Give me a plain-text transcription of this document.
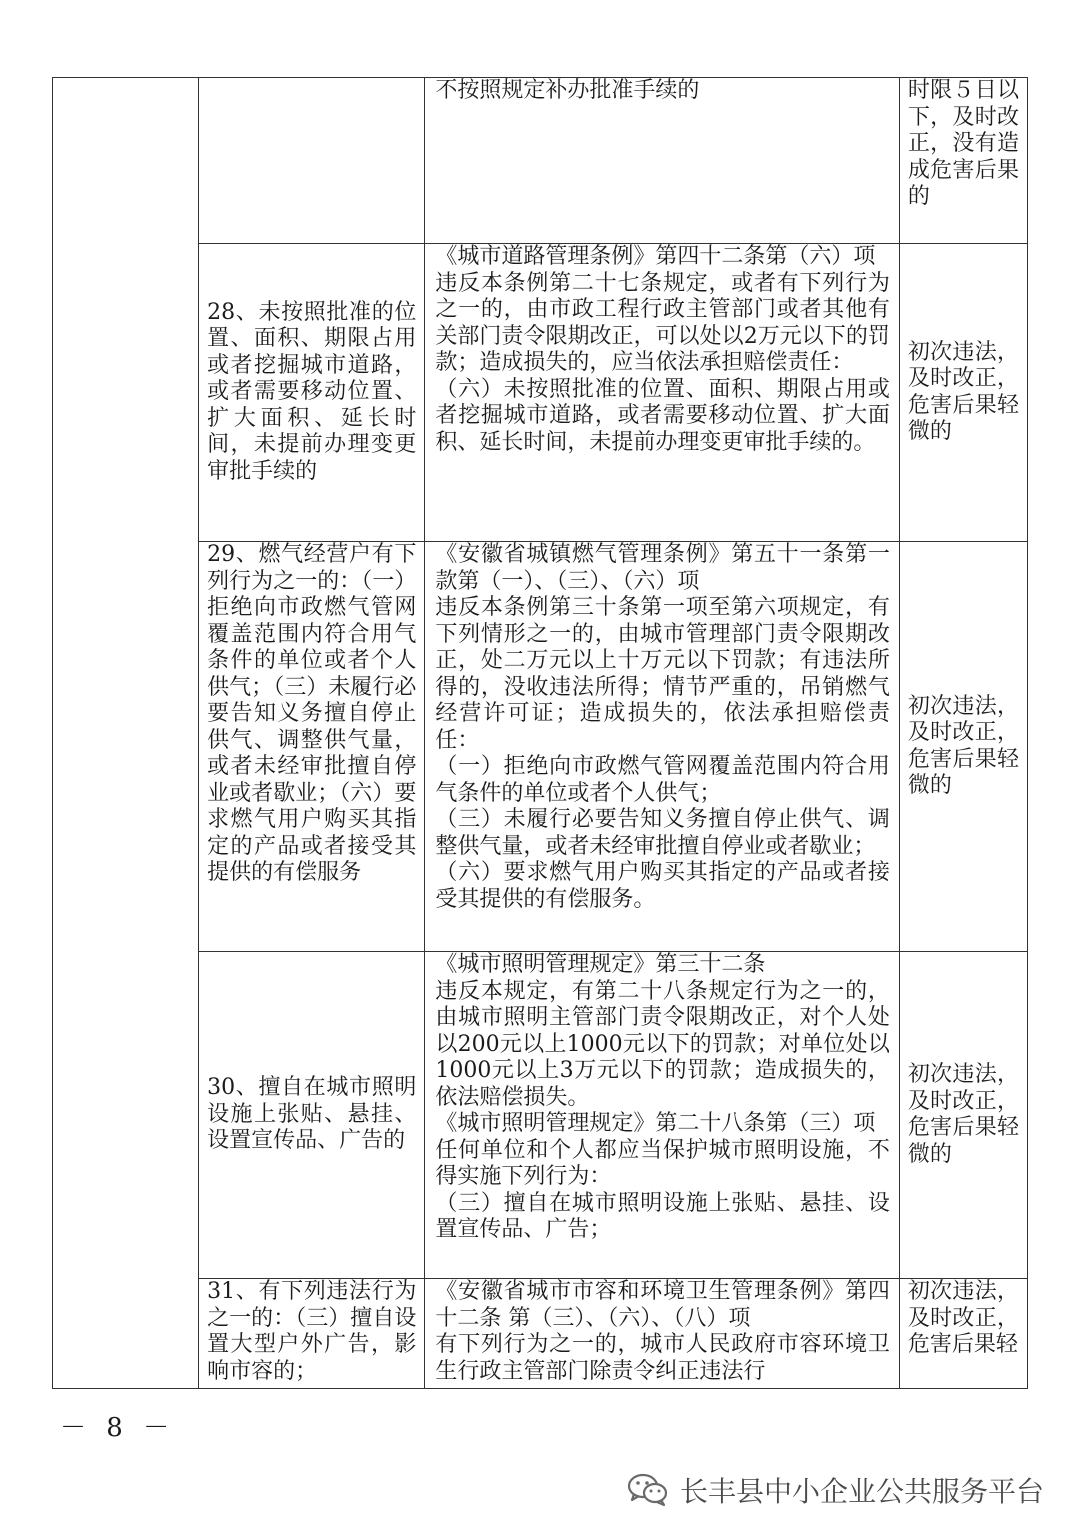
		不按照规定补办批准手续的	时限５日以下，及时改正，没有造成危害后果的

	28、未按照批准的位置、面积、期限占用或者挖掘城市道路，或者需要移动位置、扩大面积、延长时间，未提前办理变更审批手续的	《城市道路管理条例》第四十二条第（六）项
违反本条例第二十七条规定，或者有下列行为之一的，由市政工程行政主管部门或者其他有关部门责令限期改正，可以处以2万元以下的罚款；造成损失的，应当依法承担赔偿责任：
（六）未按照批准的位置、面积、期限占用或者挖掘城市道路，或者需要移动位置、扩大面积、延长时间，未提前办理变更审批手续的。	初次违法，及时改正，危害后果轻微的

	29、燃气经营户有下列行为之一的：（一）拒绝向市政燃气管网覆盖范围内符合用气条件的单位或者个人供气；（三）未履行必要告知义务擅自停止供气、调整供气量，或者未经审批擅自停业或者歇业；（六）要求燃气用户购买其指定的产品或者接受其提供的有偿服务	《安徽省城镇燃气管理条例》第五十一条第一款第（一）、（三）、（六）项
违反本条例第三十条第一项至第六项规定，有下列情形之一的，由城市管理部门责令限期改正，处二万元以上十万元以下罚款；有违法所得的，没收违法所得；情节严重的，吊销燃气经营许可证；造成损失的，依法承担赔偿责任：
（一）拒绝向市政燃气管网覆盖范围内符合用气条件的单位或者个人供气；
（三）未履行必要告知义务擅自停止供气、调整供气量，或者未经审批擅自停业或者歇业；
（六）要求燃气用户购买其指定的产品或者接受其提供的有偿服务。	初次违法，及时改正，危害后果轻微的

	30、擅自在城市照明设施上张贴、悬挂、设置宣传品、广告的	《城市照明管理规定》第三十二条
违反本规定，有第二十八条规定行为之一的，由城市照明主管部门责令限期改正，对个人处以200元以上1000元以下的罚款；对单位处以1000元以上3万元以下的罚款；造成损失的，依法赔偿损失。
《城市照明管理规定》第二十八条第（三）项
任何单位和个人都应当保护城市照明设施，不得实施下列行为：
（三）擅自在城市照明设施上张贴、悬挂、设置宣传品、广告；	初次违法，及时改正，危害后果轻微的

	31、有下列违法行为之一的：（三）擅自设置大型户外广告，影响市容的；	《安徽省城市市容和环境卫生管理条例》第四十二条 第（三）、（六）、（八）项
有下列行为之一的，城市人民政府市容环境卫生行政主管部门除责令纠正违法行	初次违法，及时改正，危害后果轻
－ 8 －
长丰县中小企业公共服务平台
